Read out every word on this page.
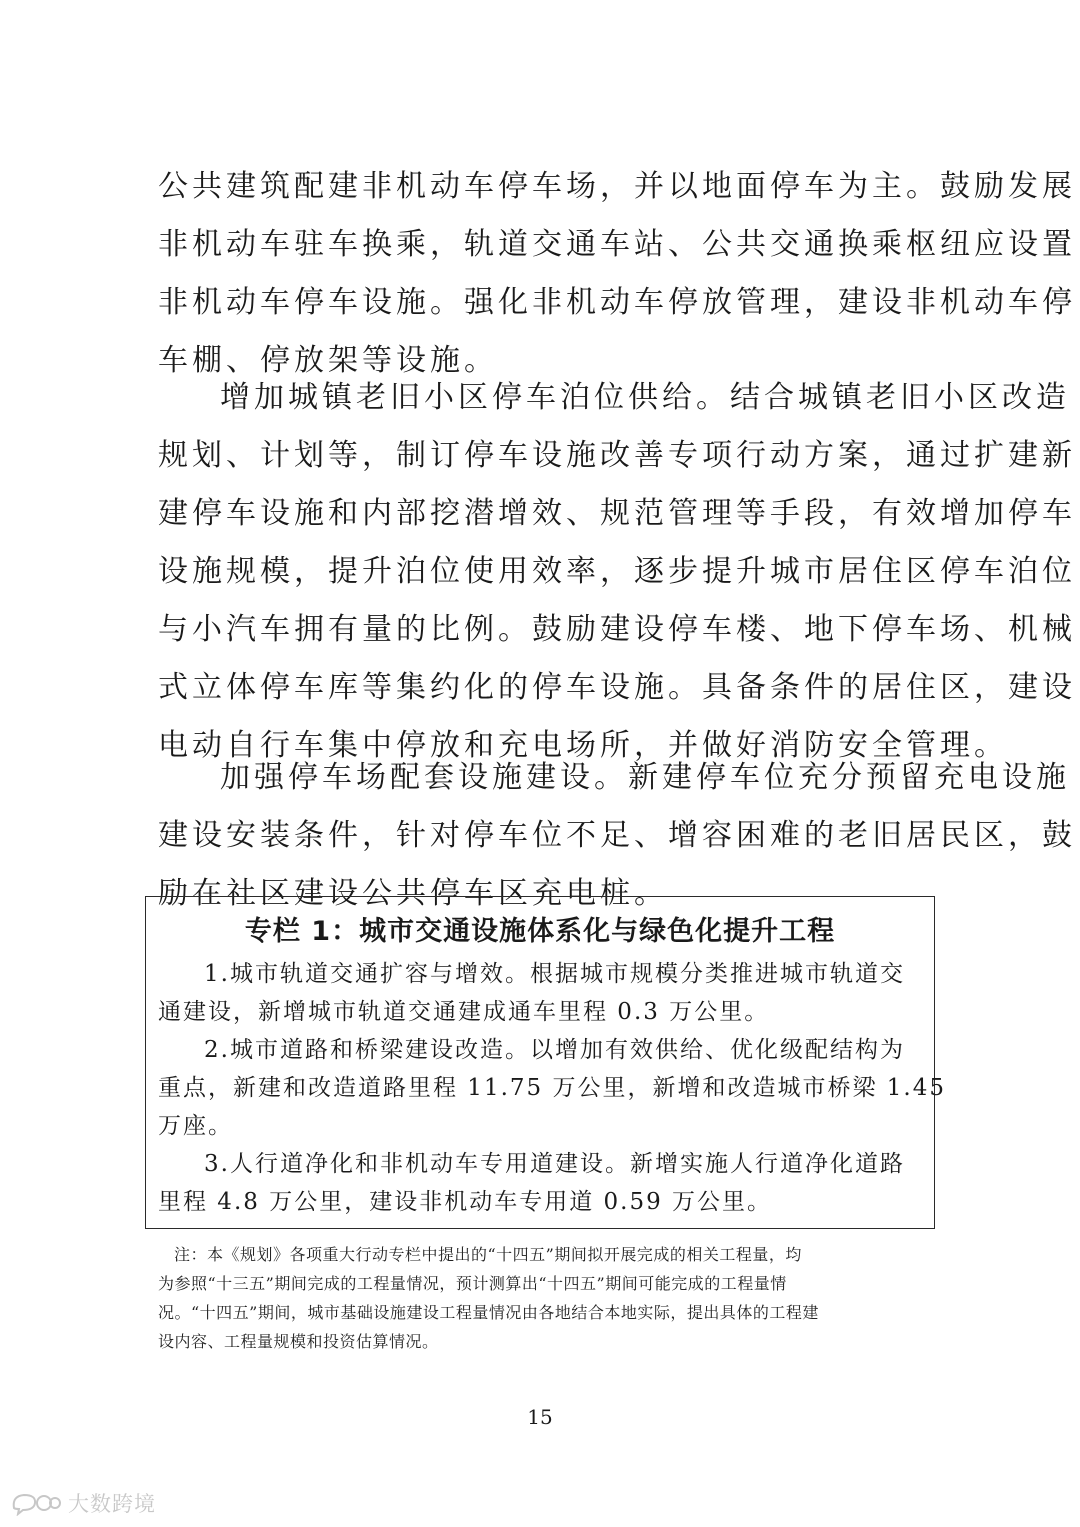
公共建筑配建非机动车停车场，并以地面停车为主。鼓励发展
非机动车驻车换乘，轨道交通车站、公共交通换乘枢纽应设置
非机动车停车设施。强化非机动车停放管理，建设非机动车停
车棚、停放架等设施。
增加城镇老旧小区停车泊位供给。结合城镇老旧小区改造
规划、计划等，制订停车设施改善专项行动方案，通过扩建新
建停车设施和内部挖潜增效、规范管理等手段，有效增加停车
设施规模，提升泊位使用效率，逐步提升城市居住区停车泊位
与小汽车拥有量的比例。鼓励建设停车楼、地下停车场、机械
式立体停车库等集约化的停车设施。具备条件的居住区，建设
电动自行车集中停放和充电场所，并做好消防安全管理。
加强停车场配套设施建设。新建停车位充分预留充电设施
建设安装条件，针对停车位不足、增容困难的老旧居民区，鼓
励在社区建设公共停车区充电桩。
专栏 1：城市交通设施体系化与绿色化提升工程
1.城市轨道交通扩容与增效。根据城市规模分类推进城市轨道交
通建设，新增城市轨道交通建成通车里程 0.3 万公里。
2.城市道路和桥梁建设改造。以增加有效供给、优化级配结构为
重点，新建和改造道路里程 11.75 万公里，新增和改造城市桥梁 1.45
万座。
3.人行道净化和非机动车专用道建设。新增实施人行道净化道路
里程 4.8 万公里，建设非机动车专用道 0.59 万公里。
注：本《规划》各项重大行动专栏中提出的“十四五”期间拟开展完成的相关工程量，均
为参照“十三五”期间完成的工程量情况，预计测算出“十四五”期间可能完成的工程量情
况。“十四五”期间，城市基础设施建设工程量情况由各地结合本地实际，提出具体的工程建
设内容、工程量规模和投资估算情况。
15
大数跨境
